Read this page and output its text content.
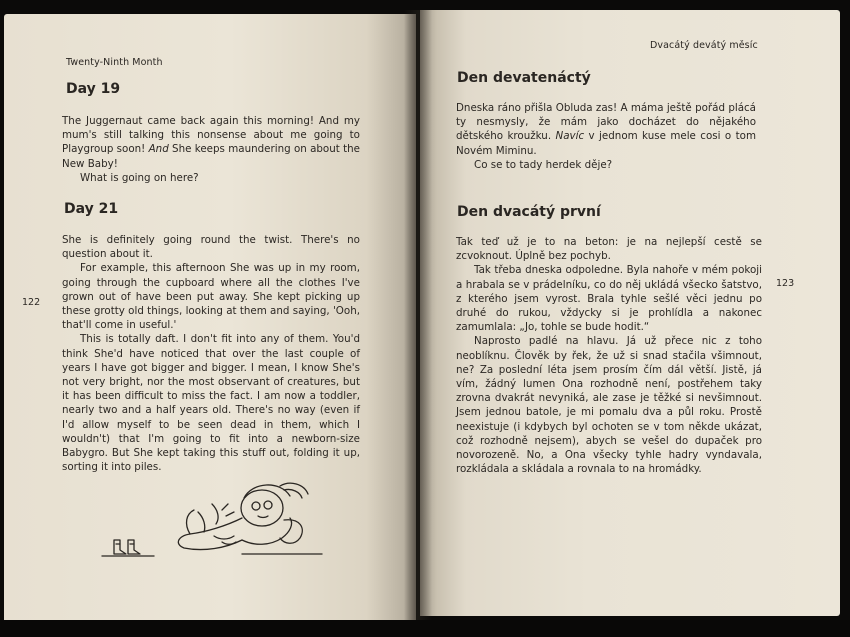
Twenty-Ninth Month
122
Day 19

The Juggernaut came back again this morning! And my mum's still talking this nonsense about me going to Playgroup soon! And She keeps maundering on about the New Baby!

What is going on here?

Day 21

She is definitely going round the twist. There's no question about it.

For example, this afternoon She was up in my room, going through the cupboard where all the clothes I've grown out of have been put away. She kept picking up these grotty old things, looking at them and saying, 'Ooh, that'll come in useful.'

This is totally daft. I don't fit into any of them. You'd think She'd have noticed that over the last couple of years I have got bigger and bigger. I mean, I know She's not very bright, nor the most observant of creatures, but it has been difficult to miss the fact. I am now a toddler, nearly two and a half years old. There's no way (even if I'd allow myself to be seen dead in them, which I wouldn't) that I'm going to fit into a newborn-size Babygro. But She kept taking this stuff out, folding it up, sorting it into piles.

Dvacátý devátý měsíc
123
Den devatenáctý

Dneska ráno přišla Obluda zas! A máma ještě pořád plácá ty nesmysly, že mám jako docházet do nějakého dětského kroužku. Navíc v jednom kuse mele cosi o tom Novém Miminu.

Co se to tady herdek děje?

Den dvacátý první

Tak teď už je to na beton: je na nejlepší cestě se zcvoknout. Úplně bez pochyb.

Tak třeba dneska odpoledne. Byla nahoře v mém pokoji a hrabala se v prádelníku, co do něj ukládá všecko šatstvo, z kterého jsem vyrost. Brala tyhle sešlé věci jednu po druhé do rukou, vždycky si je prohlídla a nakonec zamumlala: „Jo, tohle se bude hodit.“

Naprosto padlé na hlavu. Já už přece nic z toho neoblíknu. Člověk by řek, že už si snad stačila všimnout, ne? Za poslední léta jsem prosím čím dál větší. Jistě, já vím, žádný lumen Ona rozhodně není, postřehem taky zrovna dvakrát nevyniká, ale zase je těžké si nevšimnout. Jsem jednou batole, je mi pomalu dva a půl roku. Prostě neexistuje (i kdybych byl ochoten se v tom někde ukázat, což rozhodně nejsem), abych se vešel do dupaček pro novorozeně. No, a Ona všecky tyhle hadry vyndavala, rozkládala a skládala a rovnala to na hromádky.
